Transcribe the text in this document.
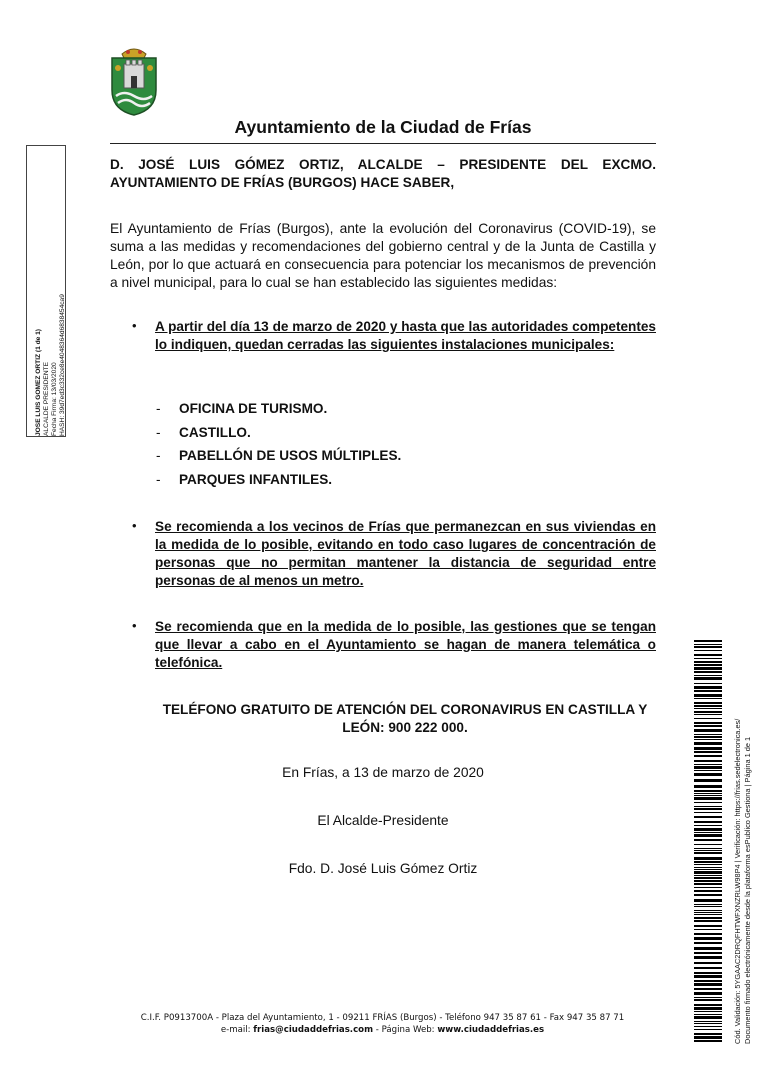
Ayuntamiento de la Ciudad de Frías
JOSE LUIS GOMEZ ORTIZ (1 de 1) ALCALDE PRESIDENTE Fecha Firma: 13/03/2020 HASH: 39d7ed3c332ce8e4048364d6838454ca9
D. JOSÉ LUIS GÓMEZ ORTIZ, ALCALDE – PRESIDENTE DEL EXCMO. AYUNTAMIENTO DE FRÍAS (BURGOS) HACE SABER,
El Ayuntamiento de Frías (Burgos), ante la evolución del Coronavirus (COVID-19), se suma a las medidas y recomendaciones del gobierno central y de la Junta de Castilla y León, por lo que actuará en consecuencia para potenciar los mecanismos de prevención a nivel municipal, para lo cual se han establecido las siguientes medidas:
• A partir del día 13 de marzo de 2020 y hasta que las autoridades competentes lo indiquen, quedan cerradas las siguientes instalaciones municipales:
- OFICINA DE TURISMO.
- CASTILLO.
- PABELLÓN DE USOS MÚLTIPLES.
- PARQUES INFANTILES.
• Se recomienda a los vecinos de Frías que permanezcan en sus viviendas en la medida de lo posible, evitando en todo caso lugares de concentración de personas que no permitan mantener la distancia de seguridad entre personas de al menos un metro.
• Se recomienda que en la medida de lo posible, las gestiones que se tengan que llevar a cabo en el Ayuntamiento se hagan de manera telemática o telefónica.
TELÉFONO GRATUITO DE ATENCIÓN DEL CORONAVIRUS EN CASTILLA Y LEÓN: 900 222 000.
En Frías, a 13 de marzo de 2020
El Alcalde-Presidente
Fdo. D. José Luis Gómez Ortiz
C.I.F. P0913700A - Plaza del Ayuntamiento, 1 - 09211 FRÍAS (Burgos) - Teléfono 947 35 87 61 - Fax 947 35 87 71
e-mail: frias@ciudaddefrias.com - Página Web: www.ciudaddefrias.es	Cód. Validación: 5YGAAC2DRQFHTWFXNZRLW98P4 | Verificación: https://frias.sedelectronica.es/ Documento firmado electrónicamente desde la plataforma esPublico Gestiona | Página 1 de 1
